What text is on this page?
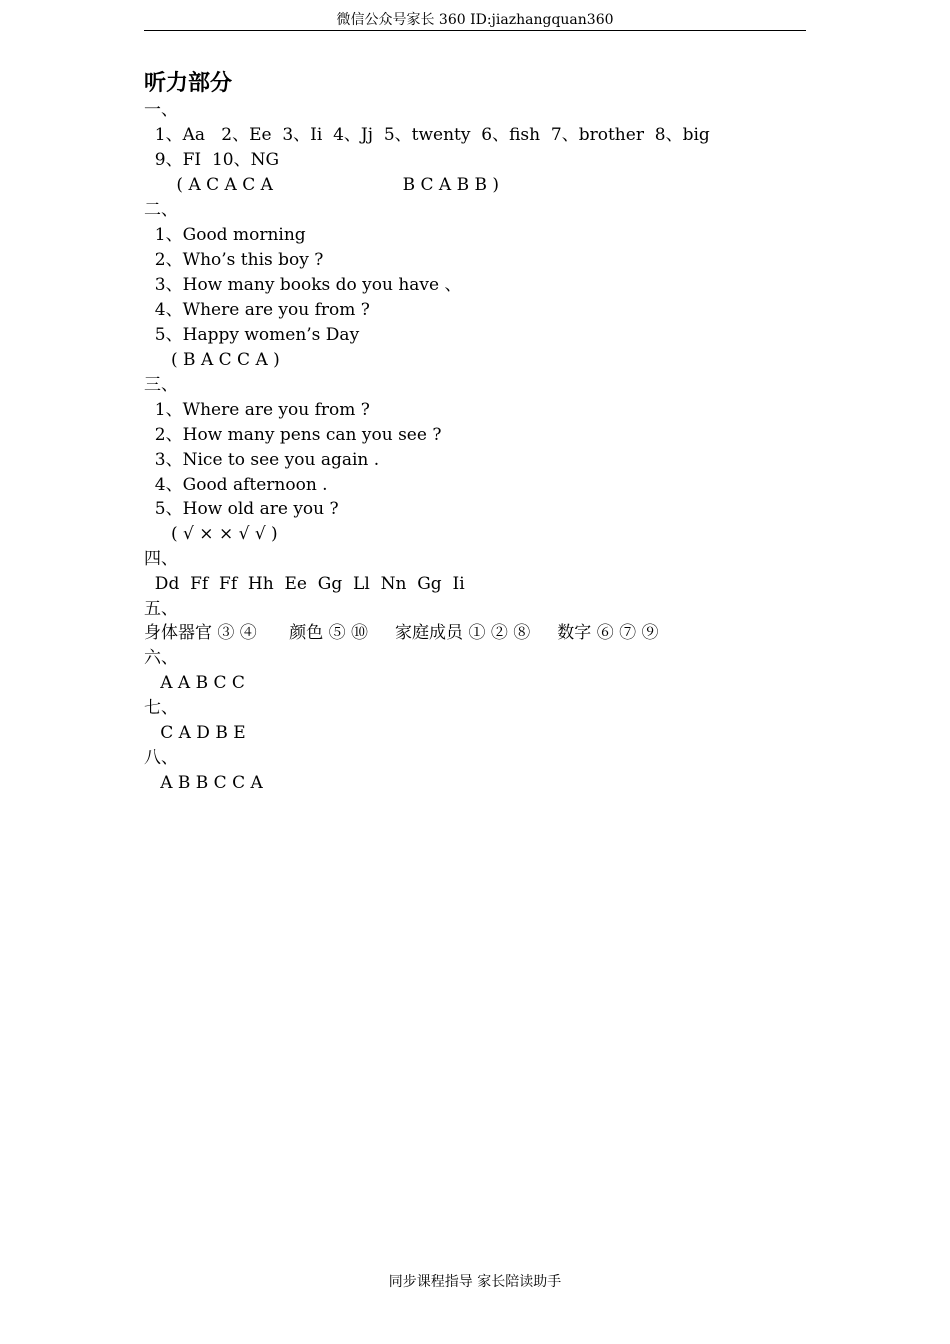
微信公众号家长 360 ID:jiazhangquan360
听力部分
一、
1、Aa   2、Ee  3、Ii  4、Jj  5、twenty  6、fish  7、brother  8、big
9、FI  10、NG
( A C A C A                        B C A B B )
二、
1、Good morning
2、Who’s this boy ?
3、How many books do you have 、
4、Where are you from ?
5、Happy women’s Day
( B A C C A )
三、
1、Where are you from ?
2、How many pens can you see ?
3、Nice to see you again .
4、Good afternoon .
5、How old are you ?
( √ × × √ √ )
四、
Dd  Ff  Ff  Hh  Ee  Gg  Ll  Nn  Gg  Ii
五、
身体器官 ③ ④      颜色 ⑤ ⑩     家庭成员 ① ② ⑧     数字 ⑥ ⑦ ⑨
六、
A A B C C
七、
C A D B E
八、
A B B C C A
同步课程指导 家长陪读助手
